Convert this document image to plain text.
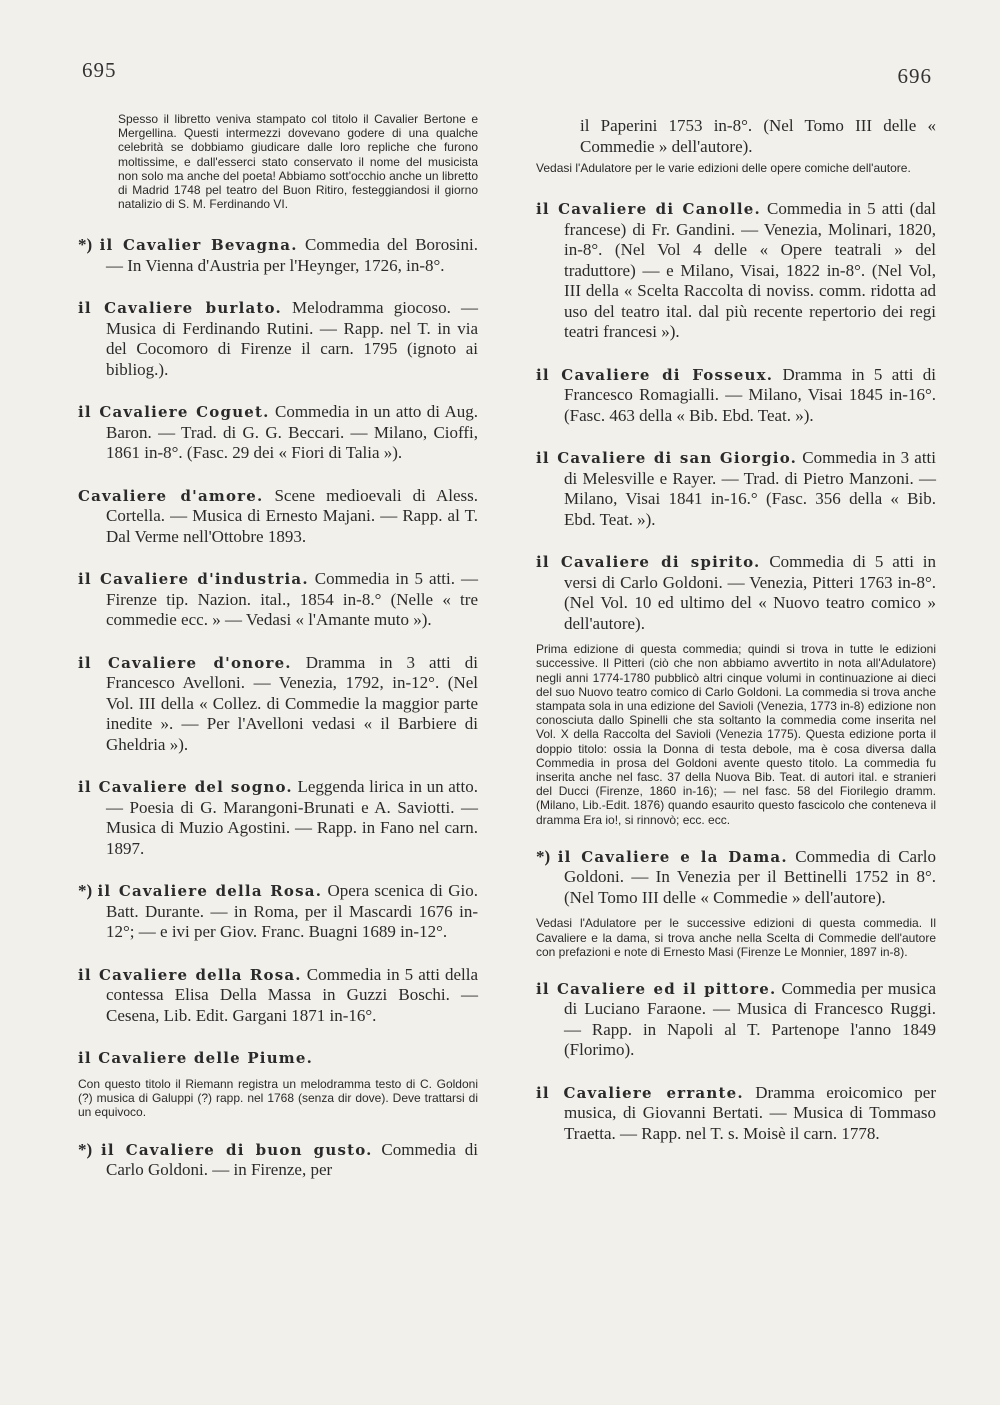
695	696
Spesso il libretto veniva stampato col titolo il Cavalier Bertone e Mergellina. Questi intermezzi dovevano godere di una qualche celebrità se dobbiamo giudicare dalle loro repliche che furono moltissime, e dall'esserci stato conservato il nome del musicista non solo ma anche del poeta! Abbiamo sott'occhio anche un libretto di Madrid 1748 pel teatro del Buon Ritiro, festeggiandosi il giorno natalizio di S. M. Ferdinando VI.

*) il Cavalier Bevagna. Commedia del Borosini. — In Vienna d'Austria per l'Heynger, 1726, in-8°.

il Cavaliere burlato. Melodramma giocoso. — Musica di Ferdinando Rutini. — Rapp. nel T. in via del Cocomoro di Firenze il carn. 1795 (ignoto ai bibliog.).

il Cavaliere Coguet. Commedia in un atto di Aug. Baron. — Trad. di G. G. Beccari. — Milano, Cioffi, 1861 in-8°. (Fasc. 29 dei « Fiori di Talia »).

Cavaliere d'amore. Scene medioevali di Aless. Cortella. — Musica di Ernesto Majani. — Rapp. al T. Dal Verme nell'Ottobre 1893.

il Cavaliere d'industria. Commedia in 5 atti. — Firenze tip. Nazion. ital., 1854 in-8.° (Nelle « tre commedie ecc. » — Vedasi « l'Amante muto »).

il Cavaliere d'onore. Dramma in 3 atti di Francesco Avelloni. — Venezia, 1792, in-12°. (Nel Vol. III della « Collez. di Commedie la maggior parte inedite ». — Per l'Avelloni vedasi « il Barbiere di Gheldria »).

il Cavaliere del sogno. Leggenda lirica in un atto. — Poesia di G. Marangoni-Brunati e A. Saviotti. — Musica di Muzio Agostini. — Rapp. in Fano nel carn. 1897.

*) il Cavaliere della Rosa. Opera scenica di Gio. Batt. Durante. — in Roma, per il Mascardi 1676 in-12°; — e ivi per Giov. Franc. Buagni 1689 in-12°.

il Cavaliere della Rosa. Commedia in 5 atti della contessa Elisa Della Massa in Guzzi Boschi. — Cesena, Lib. Edit. Gargani 1871 in-16°.

il Cavaliere delle Piume.

Con questo titolo il Riemann registra un melodramma testo di C. Goldoni (?) musica di Galuppi (?) rapp. nel 1768 (senza dir dove). Deve trattarsi di un equivoco.

*) il Cavaliere di buon gusto. Commedia di Carlo Goldoni. — in Firenze, per

il Paperini 1753 in-8°. (Nel Tomo III delle « Commedie » dell'autore).
Vedasi l'Adulatore per le varie edizioni delle opere comiche dell'autore.

il Cavaliere di Canolle. Commedia in 5 atti (dal francese) di Fr. Gandini. — Venezia, Molinari, 1820, in-8°. (Nel Vol 4 delle « Opere teatrali » del traduttore) — e Milano, Visai, 1822 in-8°. (Nel Vol, III della « Scelta Raccolta di noviss. comm. ridotta ad uso del teatro ital. dal più recente repertorio dei regi teatri francesi »).

il Cavaliere di Fosseux. Dramma in 5 atti di Francesco Romagialli. — Milano, Visai 1845 in-16°. (Fasc. 463 della « Bib. Ebd. Teat. »).

il Cavaliere di san Giorgio. Commedia in 3 atti di Melesville e Rayer. — Trad. di Pietro Manzoni. — Milano, Visai 1841 in-16.° (Fasc. 356 della « Bib. Ebd. Teat. »).

il Cavaliere di spirito. Commedia di 5 atti in versi di Carlo Goldoni. — Venezia, Pitteri 1763 in-8°. (Nel Vol. 10 ed ultimo del « Nuovo teatro comico » dell'autore).

Prima edizione di questa commedia; quindi si trova in tutte le edizioni successive. Il Pitteri (ciò che non abbiamo avvertito in nota all'Adulatore) negli anni 1774-1780 pubblicò altri cinque volumi in continuazione ai dieci del suo Nuovo teatro comico di Carlo Goldoni. La commedia si trova anche stampata sola in una edizione del Savioli (Venezia, 1773 in-8) edizione non conosciuta dallo Spinelli che sta soltanto la commedia come inserita nel Vol. X della Raccolta del Savioli (Venezia 1775). Questa edizione porta il doppio titolo: ossia la Donna di testa debole, ma è cosa diversa dalla Commedia in prosa del Goldoni avente questo titolo. La commedia fu inserita anche nel fasc. 37 della Nuova Bib. Teat. di autori ital. e stranieri del Ducci (Firenze, 1860 in-16); — nel fasc. 58 del Fiorilegio dramm. (Milano, Lib.-Edit. 1876) quando esaurito questo fascicolo che conteneva il dramma Era io!, si rinnovò; ecc. ecc.

*) il Cavaliere e la Dama. Commedia di Carlo Goldoni. — In Venezia per il Bettinelli 1752 in 8°. (Nel Tomo III delle « Commedie » dell'autore).

Vedasi l'Adulatore per le successive edizioni di questa commedia. Il Cavaliere e la dama, si trova anche nella Scelta di Commedie dell'autore con prefazioni e note di Ernesto Masi (Firenze Le Monnier, 1897 in-8).

il Cavaliere ed il pittore. Commedia per musica di Luciano Faraone. — Musica di Francesco Ruggi. — Rapp. in Napoli al T. Partenope l'anno 1849 (Florimo).

il Cavaliere errante. Dramma eroicomico per musica, di Giovanni Bertati. — Musica di Tommaso Traetta. — Rapp. nel T. s. Moisè il carn. 1778.
